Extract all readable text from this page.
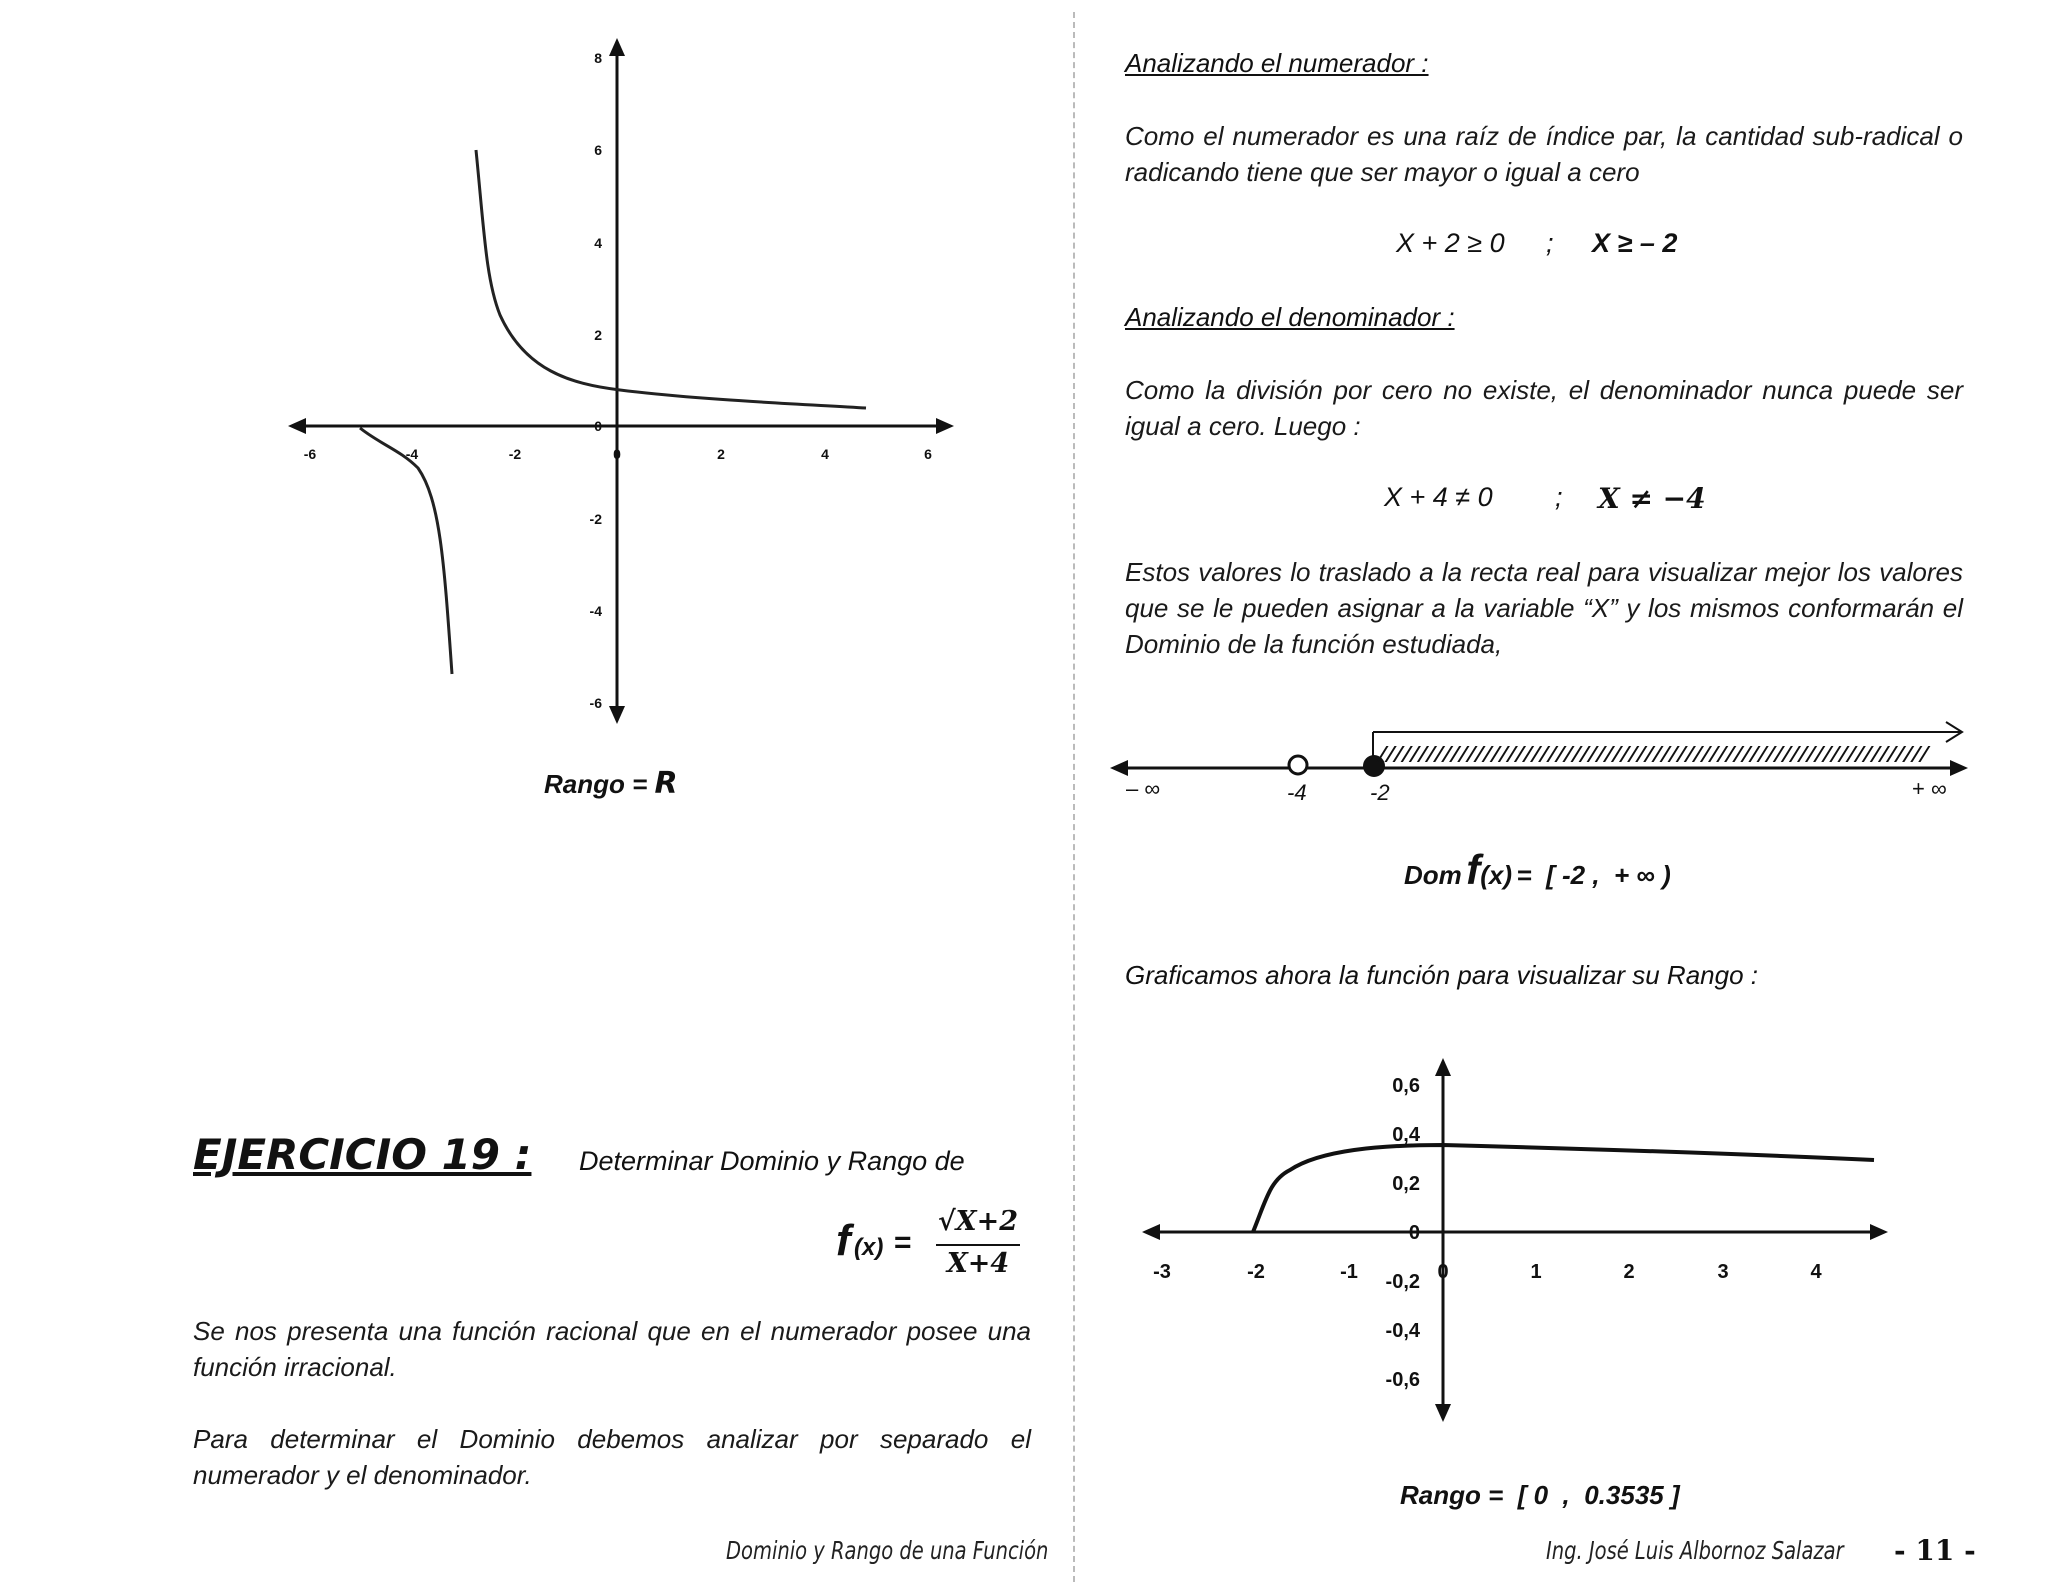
-6	-4	-2	0	2	4	6
8
6
4
2
0
-2
-4
-6
Rango = R
EJERCICIO 19 : Determinar Dominio y Rango de
f (x) =
√X+2
X+4
Se nos presenta una función racional que en el numerador posee una función irracional.
Para determinar el Dominio debemos analizar por separado el numerador y el denominador.
Dominio y Rango de una Función
Analizando el numerador :
Como el numerador es una raíz de índice par, la cantidad sub-radical o radicando tiene que ser mayor o igual a cero
X + 2 ≥ 0 ; X ≥ – 2
Analizando el denominador :
Como la división por cero no existe, el denominador nunca puede ser igual a cero. Luego :
X + 4 ≠ 0 ; X ≠ −4
Estos valores lo traslado a la recta real para visualizar mejor los valores que se le pueden asignar a la variable “X” y los mismos conformarán el Dominio de la función estudiada,
////////////////////////////////////////////////////////////////////
– ∞	-4	-2	+ ∞
Dom f(x) =  [ -2 ,  + ∞ )
Graficamos ahora la función para visualizar su Rango :
-3	-2	-1	0	1	2	3	4
0,6
0,4
0,2
0
-0,2
-0,4
-0,6
Rango =  [ 0  ,  0.3535 ]
Ing. José Luis Albornoz Salazar - 11 -
